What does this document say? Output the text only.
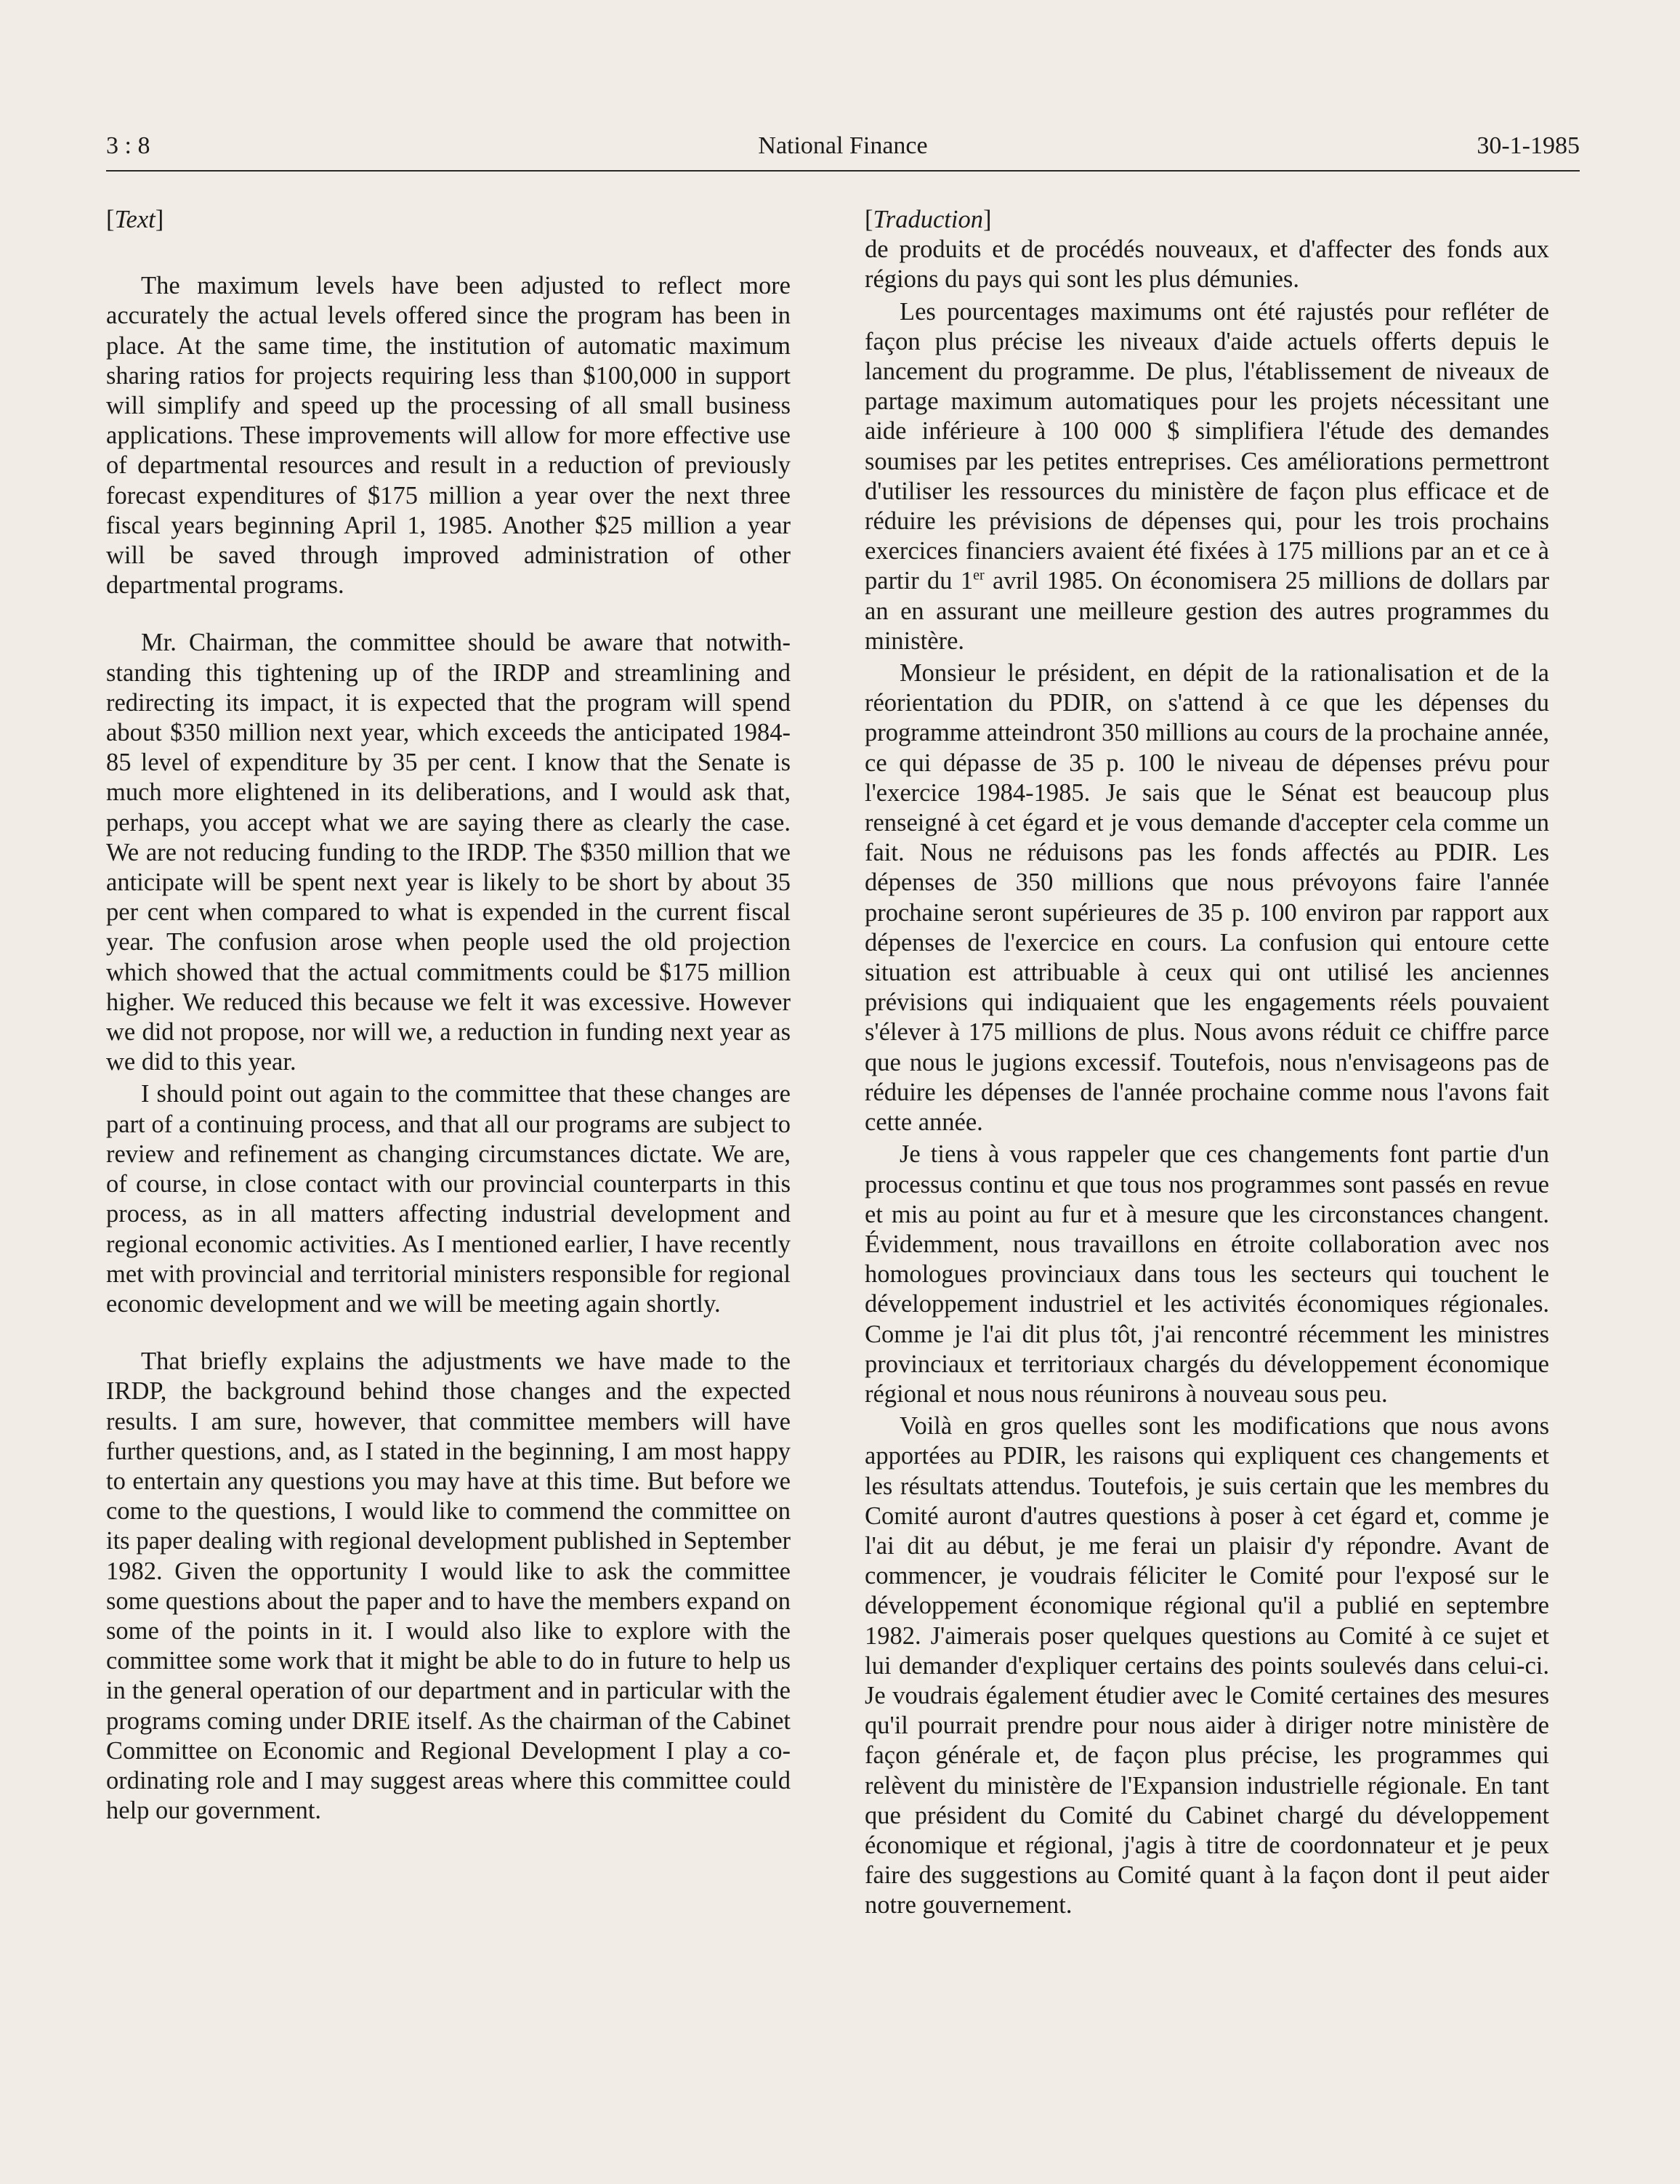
National Finance
3 : 8	30-1-1985

[Text]

The maximum levels have been adjusted to reflect more accurately the actual levels offered since the program has been in place. At the same time, the institution of automatic maximum sharing ratios for projects requiring less than $100,000 in support will simplify and speed up the processing of all small business applications. These improvements will allow for more effective use of departmental resources and result in a reduction of previously forecast expenditures of $175 million a year over the next three fiscal years beginning April 1, 1985. Another $25 million a year will be saved through improved administration of other departmental programs.

Mr. Chairman, the committee should be aware that notwithstanding this tightening up of the IRDP and streamlining and redirecting its impact, it is expected that the program will spend about $350 million next year, which exceeds the anticipated 1984-85 level of expenditure by 35 per cent. I know that the Senate is much more elightened in its deliberations, and I would ask that, perhaps, you accept what we are saying there as clearly the case. We are not reducing funding to the IRDP. The $350 million that we anticipate will be spent next year is likely to be short by about 35 per cent when compared to what is expended in the current fiscal year. The confusion arose when people used the old projection which showed that the actual commitments could be $175 million higher. We reduced this because we felt it was excessive. However we did not propose, nor will we, a reduction in funding next year as we did to this year.

I should point out again to the committee that these changes are part of a continuing process, and that all our programs are subject to review and refinement as changing circumstances dictate. We are, of course, in close contact with our provincial counterparts in this process, as in all matters affecting industrial development and regional economic activities. As I mentioned earlier, I have recently met with provincial and territorial ministers responsible for regional economic development and we will be meeting again shortly.

That briefly explains the adjustments we have made to the IRDP, the background behind those changes and the expected results. I am sure, however, that committee members will have further questions, and, as I stated in the beginning, I am most happy to entertain any questions you may have at this time. But before we come to the questions, I would like to commend the committee on its paper dealing with regional development published in September 1982. Given the opportunity I would like to ask the committee some questions about the paper and to have the members expand on some of the points in it. I would also like to explore with the committee some work that it might be able to do in future to help us in the general operation of our department and in particular with the programs coming under DRIE itself. As the chairman of the Cabinet Committee on Economic and Regional Development I play a co-ordinating role and I may suggest areas where this committee could help our government.

[Traduction]

de produits et de procédés nouveaux, et d'affecter des fonds aux régions du pays qui sont les plus démunies.

Les pourcentages maximums ont été rajustés pour refléter de façon plus précise les niveaux d'aide actuels offerts depuis le lancement du programme. De plus, l'établissement de niveaux de partage maximum automatiques pour les projets nécessitant une aide inférieure à 100 000 $ simplifiera l'étude des demandes soumises par les petites entreprises. Ces améliorations permettront d'utiliser les ressources du ministère de façon plus efficace et de réduire les prévisions de dépenses qui, pour les trois prochains exercices financiers avaient été fixées à 175 millions par an et ce à partir du 1er avril 1985. On économisera 25 millions de dollars par an en assurant une meilleure gestion des autres programmes du ministère.

Monsieur le président, en dépit de la rationalisation et de la réorientation du PDIR, on s'attend à ce que les dépenses du programme atteindront 350 millions au cours de la prochaine année, ce qui dépasse de 35 p. 100 le niveau de dépenses prévu pour l'exercice 1984-1985. Je sais que le Sénat est beaucoup plus renseigné à cet égard et je vous demande d'accepter cela comme un fait. Nous ne réduisons pas les fonds affectés au PDIR. Les dépenses de 350 millions que nous prévoyons faire l'année prochaine seront supérieures de 35 p. 100 environ par rapport aux dépenses de l'exercice en cours. La confusion qui entoure cette situation est attribuable à ceux qui ont utilisé les anciennes prévisions qui indiquaient que les engagements réels pouvaient s'élever à 175 millions de plus. Nous avons réduit ce chiffre parce que nous le jugions excessif. Toutefois, nous n'envisageons pas de réduire les dépenses de l'année prochaine comme nous l'avons fait cette année.

Je tiens à vous rappeler que ces changements font partie d'un processus continu et que tous nos programmes sont passés en revue et mis au point au fur et à mesure que les circonstances changent. Évidemment, nous travaillons en étroite collaboration avec nos homologues provinciaux dans tous les secteurs qui touchent le développement industriel et les activités économiques régionales. Comme je l'ai dit plus tôt, j'ai rencontré récemment les ministres provinciaux et territoriaux chargés du développement économique régional et nous nous réunirons à nouveau sous peu.

Voilà en gros quelles sont les modifications que nous avons apportées au PDIR, les raisons qui expliquent ces changements et les résultats attendus. Toutefois, je suis certain que les membres du Comité auront d'autres questions à poser à cet égard et, comme je l'ai dit au début, je me ferai un plaisir d'y répondre. Avant de commencer, je voudrais féliciter le Comité pour l'exposé sur le développement économique régional qu'il a publié en septembre 1982. J'aimerais poser quelques questions au Comité à ce sujet et lui demander d'expliquer certains des points soulevés dans celui-ci. Je voudrais également étudier avec le Comité certaines des mesures qu'il pourrait prendre pour nous aider à diriger notre ministère de façon générale et, de façon plus précise, les programmes qui relèvent du ministère de l'Expansion industrielle régionale. En tant que président du Comité du Cabinet chargé du développement économique et régional, j'agis à titre de coordonnateur et je peux faire des suggestions au Comité quant à la façon dont il peut aider notre gouvernement.
